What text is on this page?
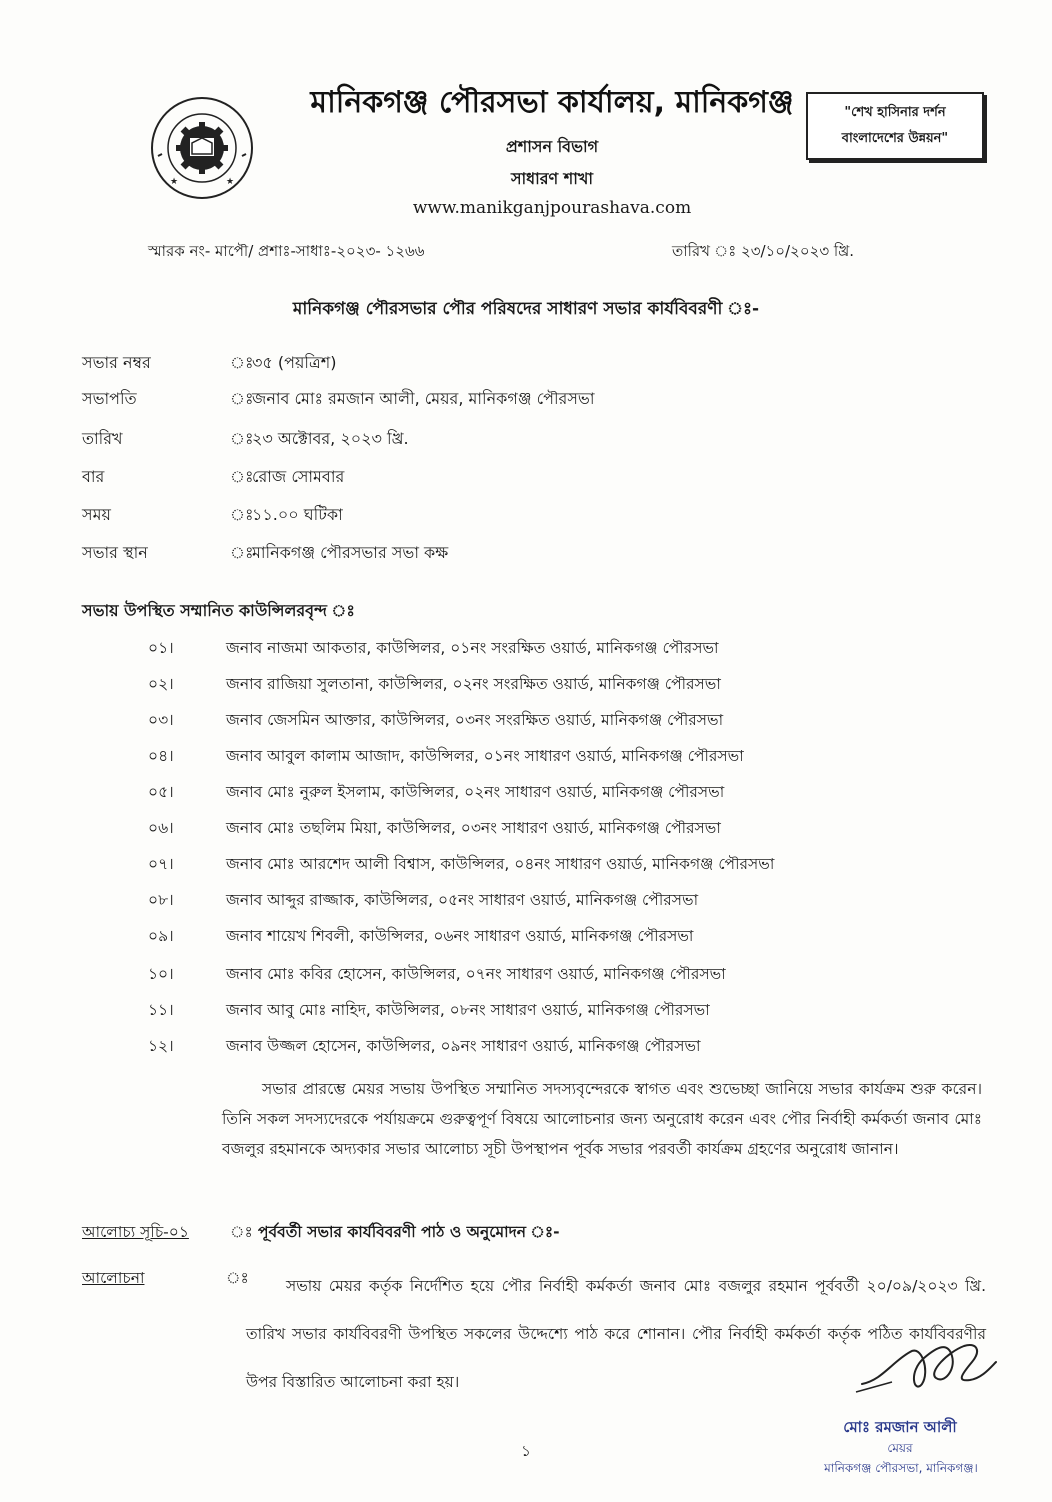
★	★
মানিকগঞ্জ পৌরসভা কার্যালয়, মানিকগঞ্জ
প্রশাসন বিভাগ
সাধারণ শাখা
www.manikganjpourashava.com
"শেখ হাসিনার দর্শন
বাংলাদেশের উন্নয়ন"
স্মারক নং- মাপৌ/ প্রশাঃ-সাধাঃ-২০২৩- ১২৬৬	তারিখ ঃ ২৩/১০/২০২৩ খ্রি.
মানিকগঞ্জ পৌরসভার পৌর পরিষদের সাধারণ সভার কার্যবিবরণী ঃ-
সভার নম্বর	ঃ
৩৫ (পয়ত্রিশ)
সভাপতি	ঃ
জনাব মোঃ রমজান আলী, মেয়র, মানিকগঞ্জ পৌরসভা
তারিখ	ঃ
২৩ অক্টোবর, ২০২৩ খ্রি.
বার	ঃ
রোজ সোমবার
সময়	ঃ
১১.০০ ঘটিকা
সভার স্থান	ঃ
মানিকগঞ্জ পৌরসভার সভা কক্ষ
সভায় উপস্থিত সম্মানিত কাউন্সিলরবৃন্দ ঃ
০১।	জনাব নাজমা আকতার, কাউন্সিলর, ০১নং সংরক্ষিত ওয়ার্ড, মানিকগঞ্জ পৌরসভা
০২।	জনাব রাজিয়া সুলতানা, কাউন্সিলর, ০২নং সংরক্ষিত ওয়ার্ড, মানিকগঞ্জ পৌরসভা
০৩।	জনাব জেসমিন আক্তার, কাউন্সিলর, ০৩নং সংরক্ষিত ওয়ার্ড, মানিকগঞ্জ পৌরসভা
০৪।	জনাব আবুল কালাম আজাদ, কাউন্সিলর, ০১নং সাধারণ ওয়ার্ড, মানিকগঞ্জ পৌরসভা
০৫।	জনাব মোঃ নুরুল ইসলাম, কাউন্সিলর, ০২নং সাধারণ ওয়ার্ড, মানিকগঞ্জ পৌরসভা
০৬।	জনাব মোঃ তছলিম মিয়া, কাউন্সিলর, ০৩নং সাধারণ ওয়ার্ড, মানিকগঞ্জ পৌরসভা
০৭।	জনাব মোঃ আরশেদ আলী বিশ্বাস, কাউন্সিলর, ০৪নং সাধারণ ওয়ার্ড, মানিকগঞ্জ পৌরসভা
০৮।	জনাব আব্দুর রাজ্জাক, কাউন্সিলর, ০৫নং সাধারণ ওয়ার্ড, মানিকগঞ্জ পৌরসভা
০৯।	জনাব শায়েখ শিবলী, কাউন্সিলর, ০৬নং সাধারণ ওয়ার্ড, মানিকগঞ্জ পৌরসভা
১০।	জনাব মোঃ কবির হোসেন, কাউন্সিলর, ০৭নং সাধারণ ওয়ার্ড, মানিকগঞ্জ পৌরসভা
১১।	জনাব আবু মোঃ নাহিদ, কাউন্সিলর, ০৮নং সাধারণ ওয়ার্ড, মানিকগঞ্জ পৌরসভা
১২।	জনাব উজ্জল হোসেন, কাউন্সিলর, ০৯নং সাধারণ ওয়ার্ড, মানিকগঞ্জ পৌরসভা
সভার প্রারম্ভে মেয়র সভায় উপস্থিত সম্মানিত সদস্যবৃন্দেরকে স্বাগত এবং শুভেচ্ছা জানিয়ে সভার কার্যক্রম শুরু করেন। তিনি সকল সদস্যদেরকে পর্যায়ক্রমে গুরুত্বপূর্ণ বিষয়ে আলোচনার জন্য অনুরোধ করেন এবং পৌর নির্বাহী কর্মকর্তা জনাব মোঃ বজলুর রহমানকে অদ্যকার সভার আলোচ্য সূচী উপস্থাপন পূর্বক সভার পরবর্তী কার্যক্রম গ্রহণের অনুরোধ জানান।
আলোচ্য সূচি-০১	ঃ পূর্ববর্তী সভার কার্যবিবরণী পাঠ ও অনুমোদন ঃ-
আলোচনা	ঃ	সভায় মেয়র কর্তৃক নির্দেশিত হয়ে পৌর নির্বাহী কর্মকর্তা জনাব মোঃ বজলুর রহমান পূর্ববর্তী ২০/০৯/২০২৩ খ্রি. তারিখ সভার কার্যবিবরণী উপস্থিত সকলের উদ্দেশ্যে পাঠ করে শোনান। পৌর নির্বাহী কর্মকর্তা কর্তৃক পঠিত কার্যবিবরণীর উপর বিস্তারিত আলোচনা করা হয়।
মোঃ রমজান আলী
মেয়র
মানিকগঞ্জ পৌরসভা, মানিকগঞ্জ।
১
